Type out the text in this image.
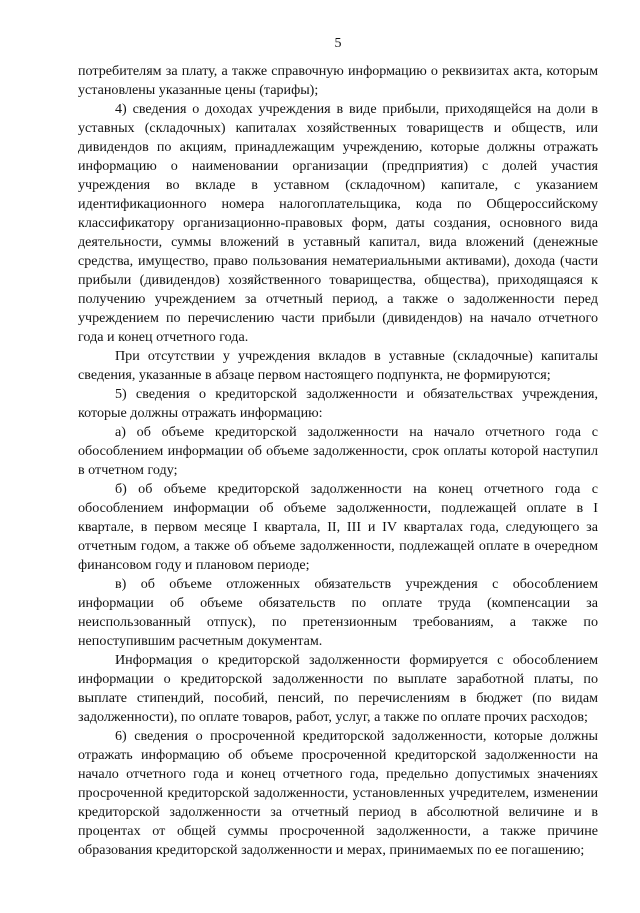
5

потребителям за плату, а также справочную информацию о реквизитах акта, которым установлены указанные цены (тарифы);

4) сведения о доходах учреждения в виде прибыли, приходящейся на доли в уставных (складочных) капиталах хозяйственных товариществ и обществ, или дивидендов по акциям, принадлежащим учреждению, которые должны отражать информацию о наименовании организации (предприятия) с долей участия учреждения во вкладе в уставном (складочном) капитале, с указанием идентификационного номера налогоплательщика, кода по Общероссийскому классификатору организационно-правовых форм, даты создания, основного вида деятельности, суммы вложений в уставный капитал, вида вложений (денежные средства, имущество, право пользования нематериальными активами), дохода (части прибыли (дивидендов) хозяйственного товарищества, общества), приходящаяся к получению учреждением за отчетный период, а также о задолженности перед учреждением по перечислению части прибыли (дивидендов) на начало отчетного года и конец отчетного года.

При отсутствии у учреждения вкладов в уставные (складочные) капиталы сведения, указанные в абзаце первом настоящего подпункта, не формируются;

5) сведения о кредиторской задолженности и обязательствах учреждения, которые должны отражать информацию:

а) об объеме кредиторской задолженности на начало отчетного года с обособлением информации об объеме задолженности, срок оплаты которой наступил в отчетном году;

б) об объеме кредиторской задолженности на конец отчетного года с обособлением информации об объеме задолженности, подлежащей оплате в I квартале, в первом месяце I квартала, II, III и IV кварталах года, следующего за отчетным годом, а также об объеме задолженности, подлежащей оплате в очередном финансовом году и плановом периоде;

в) об объеме отложенных обязательств учреждения с обособлением информации об объеме обязательств по оплате труда (компенсации за неиспользованный отпуск), по претензионным требованиям, а также по непоступившим расчетным документам.

Информация о кредиторской задолженности формируется с обособлением информации о кредиторской задолженности по выплате заработной платы, по выплате стипендий, пособий, пенсий, по перечислениям в бюджет (по видам задолженности), по оплате товаров, работ, услуг, а также по оплате прочих расходов;

6) сведения о просроченной кредиторской задолженности, которые должны отражать информацию об объеме просроченной кредиторской задолженности на начало отчетного года и конец отчетного года, предельно допустимых значениях просроченной кредиторской задолженности, установленных учредителем, изменении кредиторской задолженности за отчетный период в абсолютной величине и в процентах от общей суммы просроченной задолженности, а также причине образования кредиторской задолженности и мерах, принимаемых по ее погашению;
